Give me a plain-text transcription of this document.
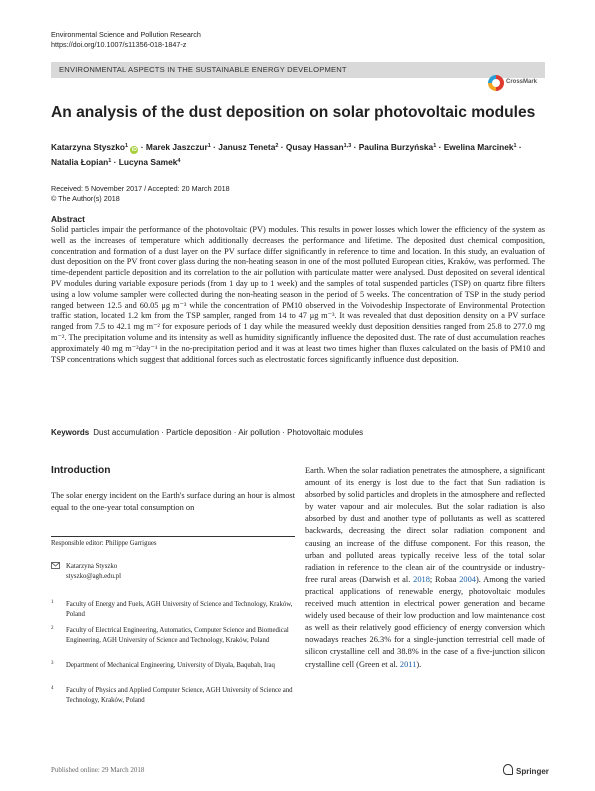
Environmental Science and Pollution Research
https://doi.org/10.1007/s11356-018-1847-z
ENVIRONMENTAL ASPECTS IN THE SUSTAINABLE ENERGY DEVELOPMENT
CrossMark
An analysis of the dust deposition on solar photovoltaic modules
Katarzyna Styszko$^1$ iD · Marek Jaszczur$^1$ · Janusz Teneta$^2$ · Qusay Hassan$^{1,3}$ · Paulina Burzyńska$^1$ · Ewelina Marcinek$^1$ ·
Natalia Łopian$^1$ · Lucyna Samek$^4$
Received: 5 November 2017 / Accepted: 20 March 2018
© The Author(s) 2018
Abstract
Solid particles impair the performance of the photovoltaic (PV) modules. This results in power losses which lower the efficiency of the system as well as the increases of temperature which additionally decreases the performance and lifetime. The deposited dust chemical composition, concentration and formation of a dust layer on the PV surface differ significantly in reference to time and location. In this study, an evaluation of dust deposition on the PV front cover glass during the non-heating season in one of the most polluted European cities, Kraków, was performed. The time-dependent particle deposition and its correlation to the air pollution with particulate matter were analysed. Dust deposited on several identical PV modules during variable exposure periods (from 1 day up to 1 week) and the samples of total suspended particles (TSP) on quartz fibre filters using a low volume sampler were collected during the non-heating season in the period of 5 weeks. The concentration of TSP in the study period ranged between 12.5 and 60.05 μg m⁻³ while the concentration of PM10 observed in the Voivodeship Inspectorate of Environmental Protection traffic station, located 1.2 km from the TSP sampler, ranged from 14 to 47 μg m⁻³. It was revealed that dust deposition density on a PV surface ranged from 7.5 to 42.1 mg m⁻² for exposure periods of 1 day while the measured weekly dust deposition densities ranged from 25.8 to 277.0 mg m⁻². The precipitation volume and its intensity as well as humidity significantly influence the deposited dust. The rate of dust accumulation reaches approximately 40 mg m⁻²day⁻¹ in the no-precipitation period and it was at least two times higher than fluxes calculated on the basis of PM10 and TSP concentrations which suggest that additional forces such as electrostatic forces significantly influence dust deposition.
Keywords Dust accumulation · Particle deposition · Air pollution · Photovoltaic modules
Introduction
The solar energy incident on the Earth's surface during an hour is almost equal to the one-year total consumption on
Responsible editor: Philippe Garrigues
Katarzyna Styszko
styszko@agh.edu.pl
1 Faculty of Energy and Fuels, AGH University of Science and Technology, Kraków, Poland
2 Faculty of Electrical Engineering, Automatics, Computer Science and Biomedical Engineering, AGH University of Science and Technology, Kraków, Poland
3 Department of Mechanical Engineering, University of Diyala, Baqubah, Iraq
4 Faculty of Physics and Applied Computer Science, AGH University of Science and Technology, Kraków, Poland
Earth. When the solar radiation penetrates the atmosphere, a significant amount of its energy is lost due to the fact that Sun radiation is absorbed by solid particles and droplets in the atmosphere and reflected by water vapour and air molecules. But the solar radiation is also absorbed by dust and another type of pollutants as well as scattered backwards, decreasing the direct solar radiation component and causing an increase of the diffuse component. For this reason, the urban and polluted areas typically receive less of the total solar radiation in reference to the clean air of the countryside or industry-free rural areas (Darwish et al. 2018; Robaa 2004). Among the varied practical applications of renewable energy, photovoltaic modules received much attention in electrical power generation and became widely used because of their low production and low maintenance cost as well as their relatively good efficiency of energy conversion which nowadays reaches 26.3% for a single-junction terrestrial cell made of silicon crystalline cell and 38.8% in the case of a five-junction silicon crystalline cell (Green et al. 2011).
Published online: 29 March 2018	Springer
